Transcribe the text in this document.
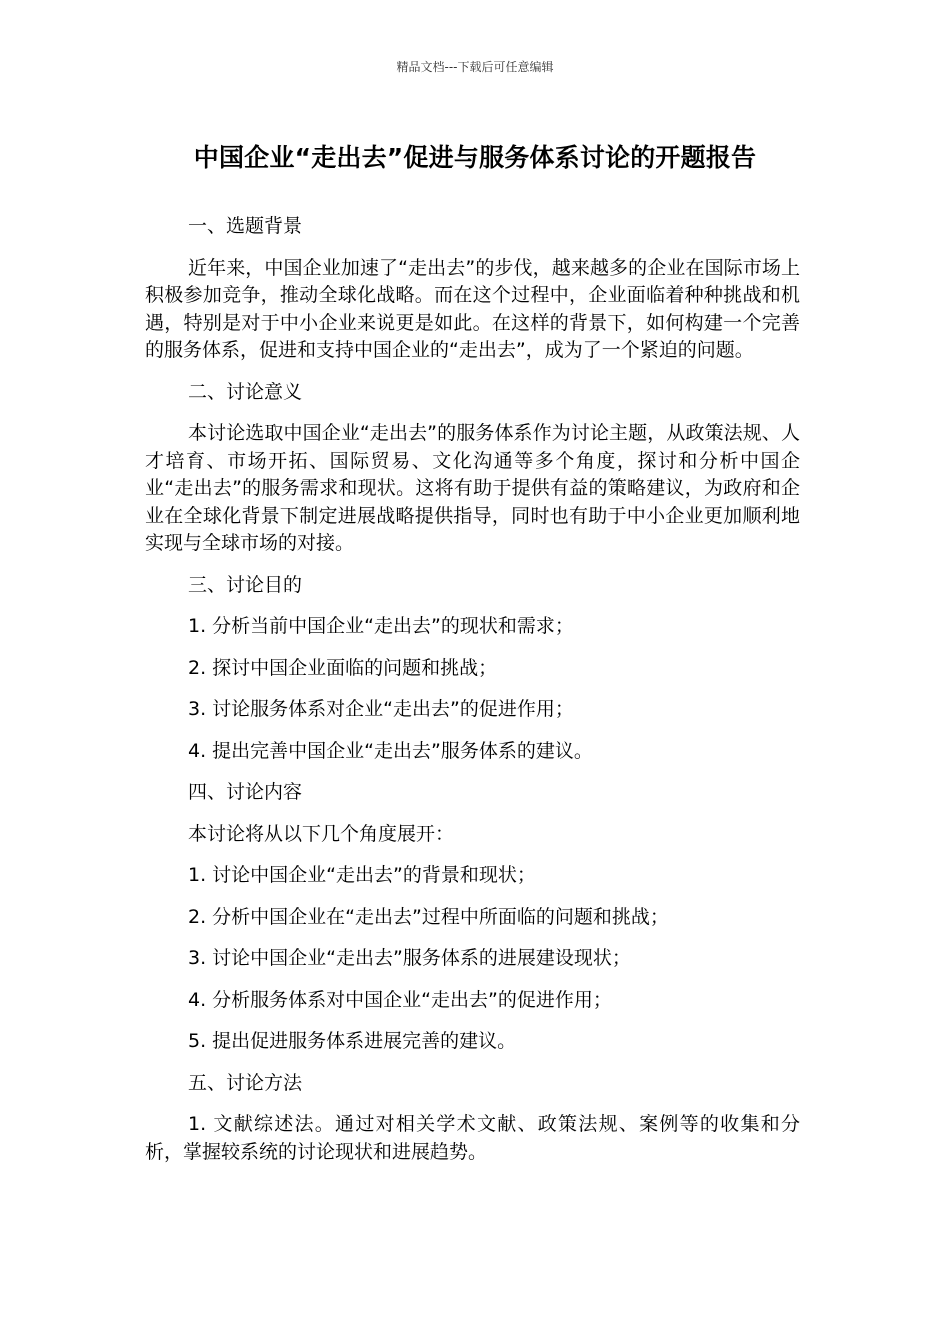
精品文档---下载后可任意编辑
中国企业“走出去”促进与服务体系讨论的开题报告

一、选题背景

近年来，中国企业加速了“走出去”的步伐，越来越多的企业在国际市场上积极参加竞争，推动全球化战略。而在这个过程中，企业面临着种种挑战和机遇，特别是对于中小企业来说更是如此。在这样的背景下，如何构建一个完善的服务体系，促进和支持中国企业的“走出去”，成为了一个紧迫的问题。

二、讨论意义

本讨论选取中国企业“走出去”的服务体系作为讨论主题，从政策法规、人才培育、市场开拓、国际贸易、文化沟通等多个角度，探讨和分析中国企业“走出去”的服务需求和现状。这将有助于提供有益的策略建议，为政府和企业在全球化背景下制定进展战略提供指导，同时也有助于中小企业更加顺利地实现与全球市场的对接。

三、讨论目的

1. 分析当前中国企业“走出去”的现状和需求；

2. 探讨中国企业面临的问题和挑战；

3. 讨论服务体系对企业“走出去”的促进作用；

4. 提出完善中国企业“走出去”服务体系的建议。

四、讨论内容

本讨论将从以下几个角度展开：

1. 讨论中国企业“走出去”的背景和现状；

2. 分析中国企业在“走出去”过程中所面临的问题和挑战；

3. 讨论中国企业“走出去”服务体系的进展建设现状；

4. 分析服务体系对中国企业“走出去”的促进作用；

5. 提出促进服务体系进展完善的建议。

五、讨论方法

1. 文献综述法。通过对相关学术文献、政策法规、案例等的收集和分析，掌握较系统的讨论现状和进展趋势。
